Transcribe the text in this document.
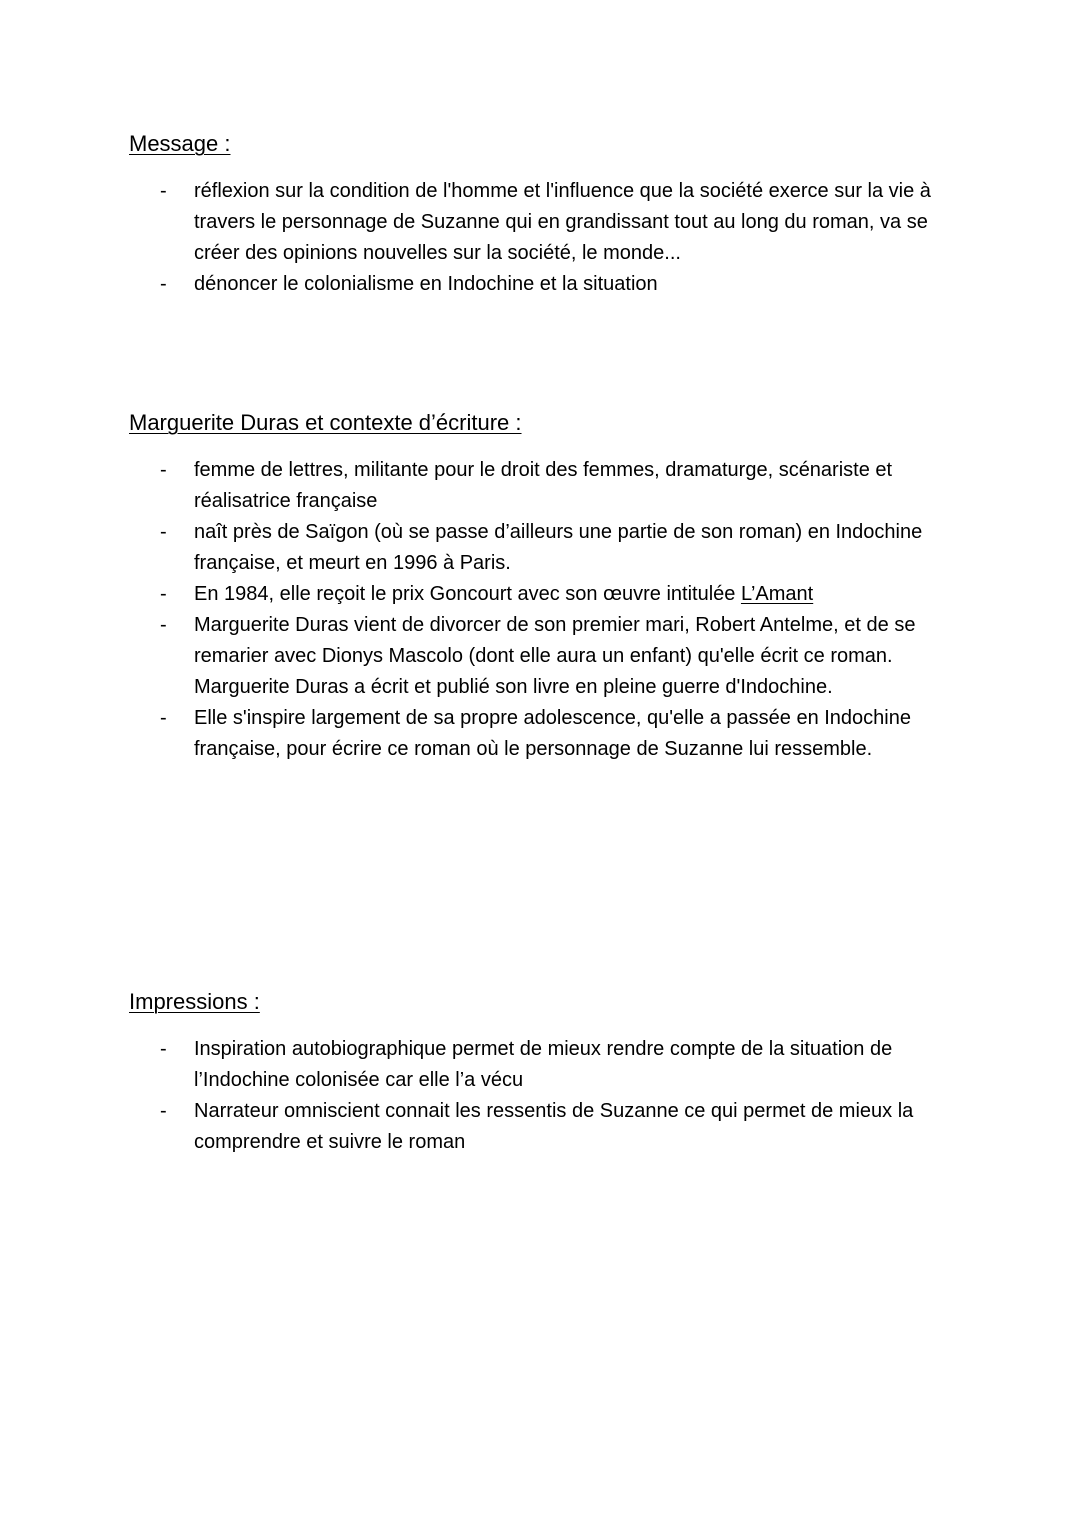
Message :
- réflexion sur la condition de l'homme et l'influence que la société exerce sur la vie à travers le personnage de Suzanne qui en grandissant tout au long du roman, va se créer des opinions nouvelles sur la société, le monde...
- dénoncer le colonialisme en Indochine et la situation
Marguerite Duras et contexte d’écriture :
- femme de lettres, militante pour le droit des femmes, dramaturge, scénariste et réalisatrice française
- naît près de Saïgon (où se passe d’ailleurs une partie de son roman) en Indochine française, et meurt en 1996 à Paris.
- En 1984, elle reçoit le prix Goncourt avec son œuvre intitulée L’Amant
- Marguerite Duras vient de divorcer de son premier mari, Robert Antelme, et de se remarier avec Dionys Mascolo (dont elle aura un enfant) qu'elle écrit ce roman. Marguerite Duras a écrit et publié son livre en pleine guerre d'Indochine.
- Elle s'inspire largement de sa propre adolescence, qu'elle a passée en Indochine française, pour écrire ce roman où le personnage de Suzanne lui ressemble.
Impressions :
- Inspiration autobiographique permet de mieux rendre compte de la situation de l’Indochine colonisée car elle l’a vécu
- Narrateur omniscient connait les ressentis de Suzanne ce qui permet de mieux la comprendre et suivre le roman
